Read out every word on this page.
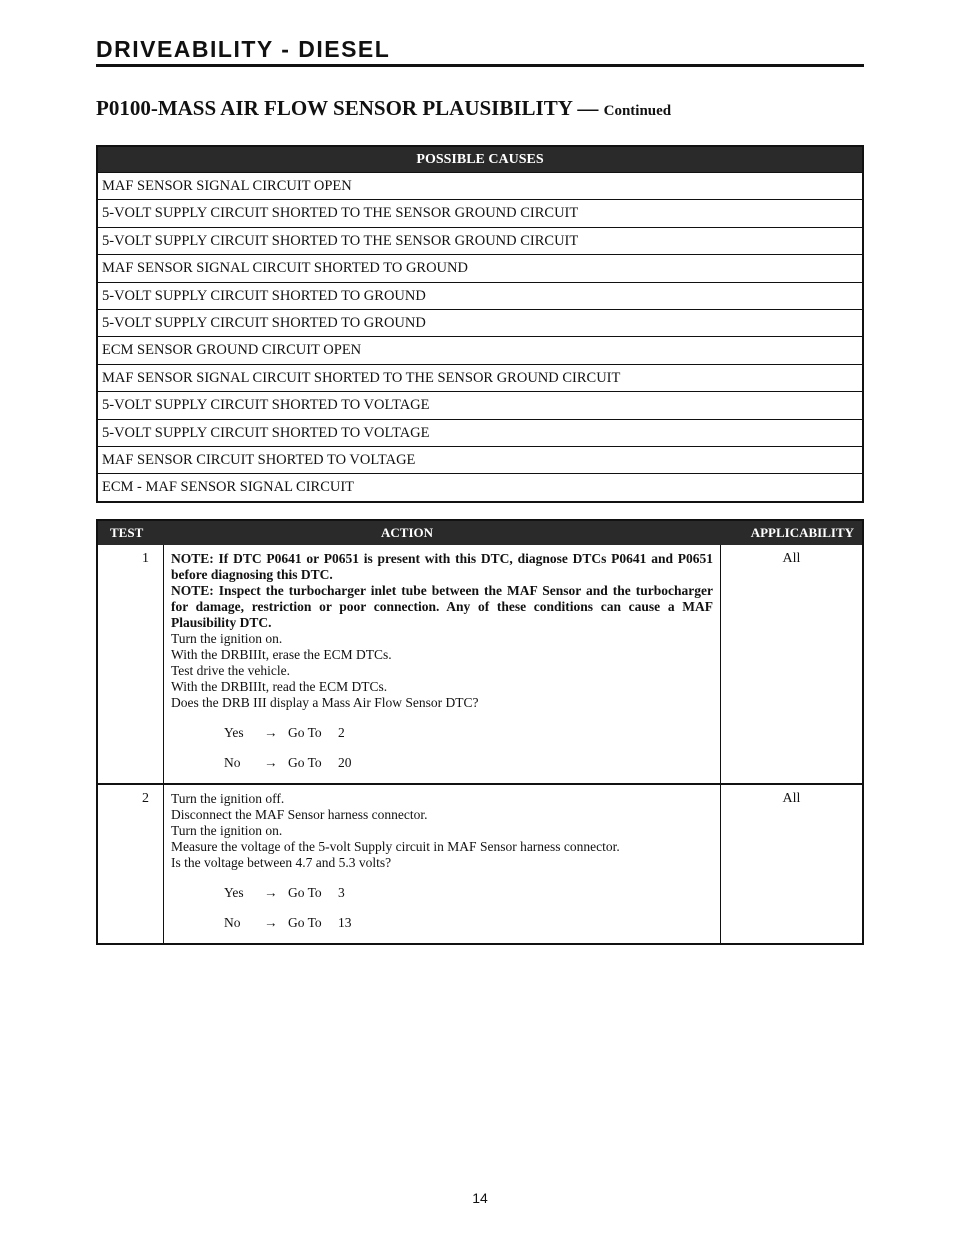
DRIVEABILITY - DIESEL
P0100-MASS AIR FLOW SENSOR PLAUSIBILITY — Continued
POSSIBLE CAUSES
MAF SENSOR SIGNAL CIRCUIT OPEN
5-VOLT SUPPLY CIRCUIT SHORTED TO THE SENSOR GROUND CIRCUIT
5-VOLT SUPPLY CIRCUIT SHORTED TO THE SENSOR GROUND CIRCUIT
MAF SENSOR SIGNAL CIRCUIT SHORTED TO GROUND
5-VOLT SUPPLY CIRCUIT SHORTED TO GROUND
5-VOLT SUPPLY CIRCUIT SHORTED TO GROUND
ECM SENSOR GROUND CIRCUIT OPEN
MAF SENSOR SIGNAL CIRCUIT SHORTED TO THE SENSOR GROUND CIRCUIT
5-VOLT SUPPLY CIRCUIT SHORTED TO VOLTAGE
5-VOLT SUPPLY CIRCUIT SHORTED TO VOLTAGE
MAF SENSOR CIRCUIT SHORTED TO VOLTAGE
ECM - MAF SENSOR SIGNAL CIRCUIT
TEST	ACTION	APPLICABILITY
1	NOTE: If DTC P0641 or P0651 is present with this DTC, diagnose DTCs P0641 and P0651 before diagnosing this DTC.
NOTE: Inspect the turbocharger inlet tube between the MAF Sensor and the turbocharger for damage, restriction or poor connection. Any of these conditions can cause a MAF Plausibility DTC.
Turn the ignition on.
With the DRBIIIt, erase the ECM DTCs.
Test drive the vehicle.
With the DRBIIIt, read the ECM DTCs.
Does the DRB III display a Mass Air Flow Sensor DTC?
Yes	→ Go To	2
No	→ Go To	20
All
2	Turn the ignition off.
Disconnect the MAF Sensor harness connector.
Turn the ignition on.
Measure the voltage of the 5-volt Supply circuit in MAF Sensor harness connector.
Is the voltage between 4.7 and 5.3 volts?
Yes	→ Go To	3
No	→ Go To	13
All
14
